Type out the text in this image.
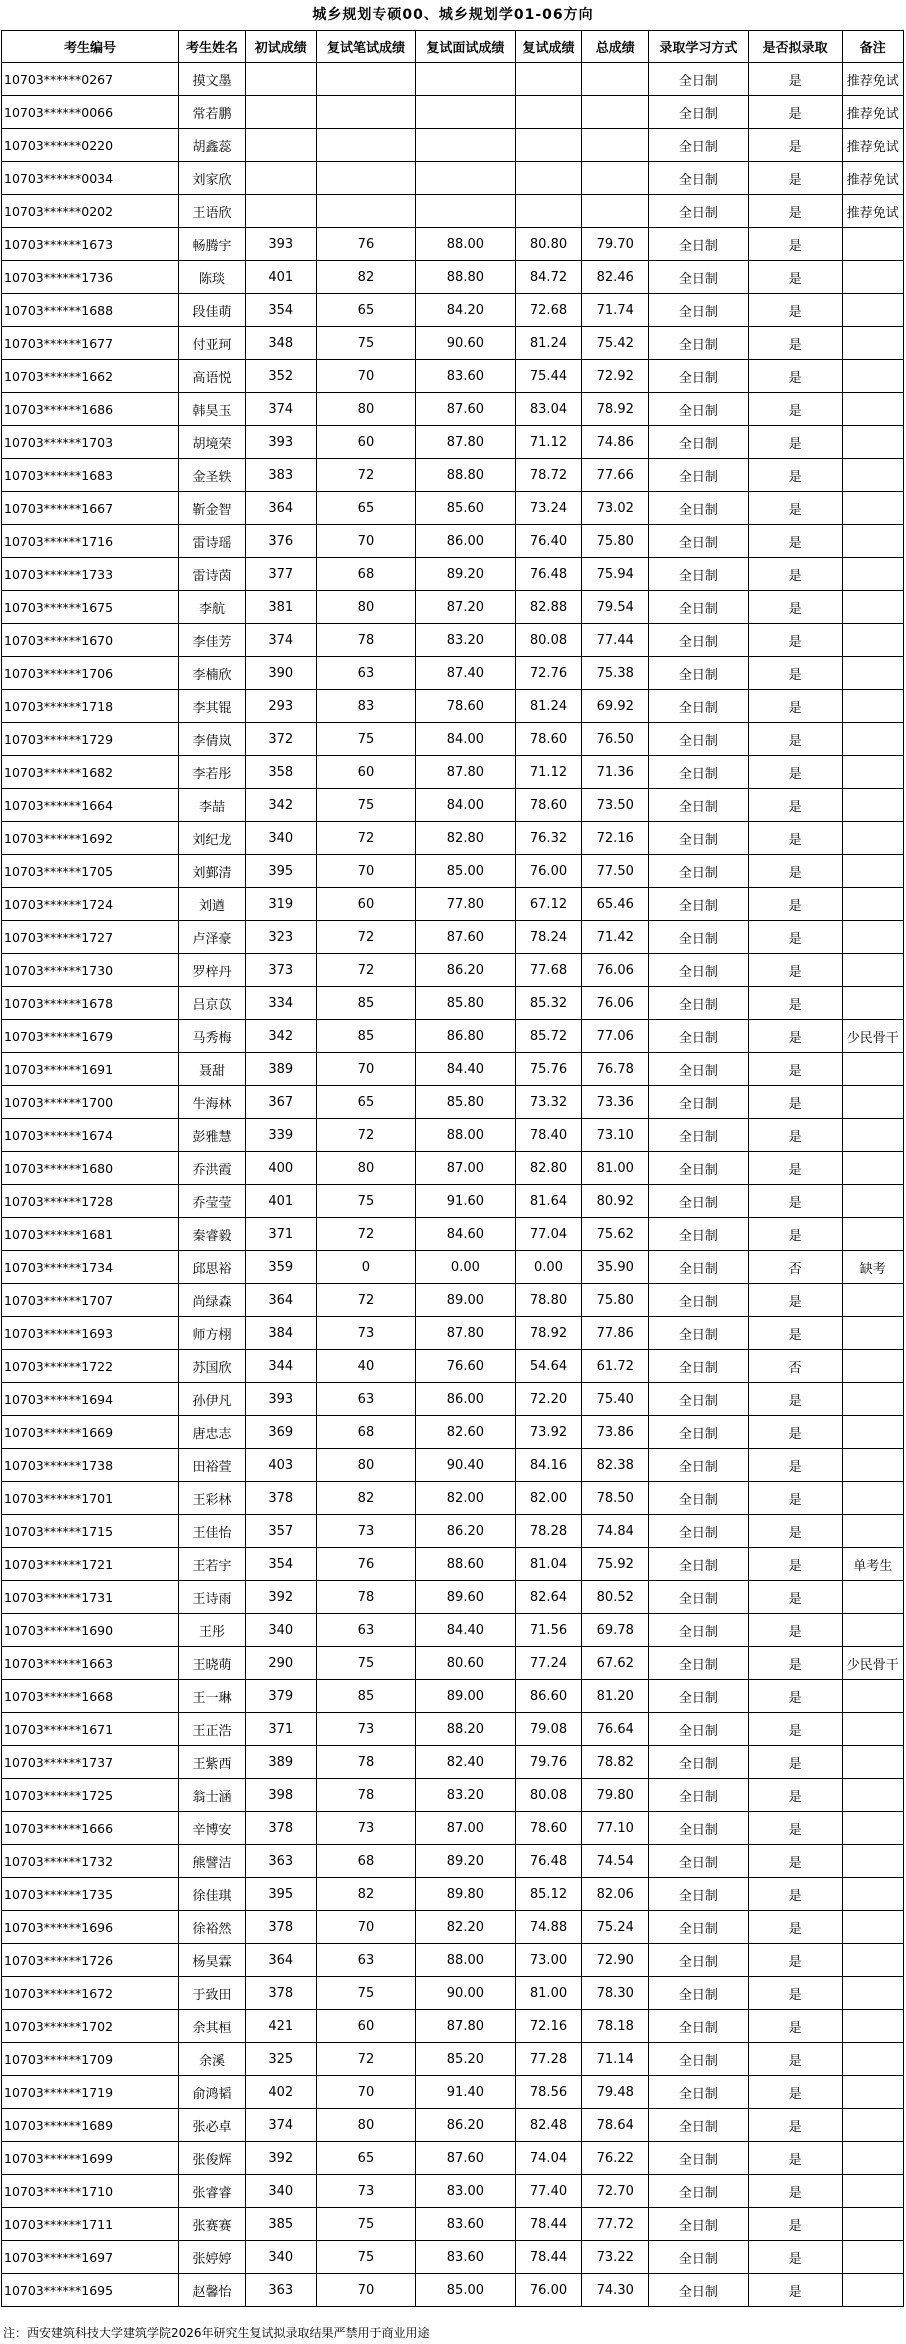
城乡规划专硕00、城乡规划学01-06方向
考生编号	考生姓名	初试成绩	复试笔试成绩	复试面试成绩	复试成绩	总成绩	录取学习方式	是否拟录取	备注
10703******0267	摸文墨						全日制	是	推荐免试
10703******0066	常若鹏						全日制	是	推荐免试
10703******0220	胡鑫蕊						全日制	是	推荐免试
10703******0034	刘家欣						全日制	是	推荐免试
10703******0202	王语欣						全日制	是	推荐免试
10703******1673	畅腾宇	393	76	88.00	80.80	79.70	全日制	是	
10703******1736	陈琰	401	82	88.80	84.72	82.46	全日制	是	
10703******1688	段佳萌	354	65	84.20	72.68	71.74	全日制	是	
10703******1677	付亚珂	348	75	90.60	81.24	75.42	全日制	是	
10703******1662	高语悦	352	70	83.60	75.44	72.92	全日制	是	
10703******1686	韩昊玉	374	80	87.60	83.04	78.92	全日制	是	
10703******1703	胡境荣	393	60	87.80	71.12	74.86	全日制	是	
10703******1683	金圣轶	383	72	88.80	78.72	77.66	全日制	是	
10703******1667	靳金智	364	65	85.60	73.24	73.02	全日制	是	
10703******1716	雷诗瑶	376	70	86.00	76.40	75.80	全日制	是	
10703******1733	雷诗茵	377	68	89.20	76.48	75.94	全日制	是	
10703******1675	李航	381	80	87.20	82.88	79.54	全日制	是	
10703******1670	李佳芳	374	78	83.20	80.08	77.44	全日制	是	
10703******1706	李楠欣	390	63	87.40	72.76	75.38	全日制	是	
10703******1718	李其锟	293	83	78.60	81.24	69.92	全日制	是	
10703******1729	李倩岚	372	75	84.00	78.60	76.50	全日制	是	
10703******1682	李若彤	358	60	87.80	71.12	71.36	全日制	是	
10703******1664	李喆	342	75	84.00	78.60	73.50	全日制	是	
10703******1692	刘纪龙	340	72	82.80	76.32	72.16	全日制	是	
10703******1705	刘鄞清	395	70	85.00	76.00	77.50	全日制	是	
10703******1724	刘遒	319	60	77.80	67.12	65.46	全日制	是	
10703******1727	卢泽豪	323	72	87.60	78.24	71.42	全日制	是	
10703******1730	罗梓丹	373	72	86.20	77.68	76.06	全日制	是	
10703******1678	吕京苡	334	85	85.80	85.32	76.06	全日制	是	
10703******1679	马秀梅	342	85	86.80	85.72	77.06	全日制	是	少民骨干
10703******1691	聂甜	389	70	84.40	75.76	76.78	全日制	是	
10703******1700	牛海林	367	65	85.80	73.32	73.36	全日制	是	
10703******1674	彭雅慧	339	72	88.00	78.40	73.10	全日制	是	
10703******1680	乔洪霞	400	80	87.00	82.80	81.00	全日制	是	
10703******1728	乔莹莹	401	75	91.60	81.64	80.92	全日制	是	
10703******1681	秦睿毅	371	72	84.60	77.04	75.62	全日制	是	
10703******1734	邱思裕	359	0	0.00	0.00	35.90	全日制	否	缺考
10703******1707	尚绿森	364	72	89.00	78.80	75.80	全日制	是	
10703******1693	师方栩	384	73	87.80	78.92	77.86	全日制	是	
10703******1722	苏国欣	344	40	76.60	54.64	61.72	全日制	否	
10703******1694	孙伊凡	393	63	86.00	72.20	75.40	全日制	是	
10703******1669	唐忠志	369	68	82.60	73.92	73.86	全日制	是	
10703******1738	田裕萱	403	80	90.40	84.16	82.38	全日制	是	
10703******1701	王彩林	378	82	82.00	82.00	78.50	全日制	是	
10703******1715	王佳怡	357	73	86.20	78.28	74.84	全日制	是	
10703******1721	王若宇	354	76	88.60	81.04	75.92	全日制	是	单考生
10703******1731	王诗雨	392	78	89.60	82.64	80.52	全日制	是	
10703******1690	王彤	340	63	84.40	71.56	69.78	全日制	是	
10703******1663	王晓萌	290	75	80.60	77.24	67.62	全日制	是	少民骨干
10703******1668	王一琳	379	85	89.00	86.60	81.20	全日制	是	
10703******1671	王正浩	371	73	88.20	79.08	76.64	全日制	是	
10703******1737	王紫西	389	78	82.40	79.76	78.82	全日制	是	
10703******1725	翁士涵	398	78	83.20	80.08	79.80	全日制	是	
10703******1666	辛博安	378	73	87.00	78.60	77.10	全日制	是	
10703******1732	熊譬洁	363	68	89.20	76.48	74.54	全日制	是	
10703******1735	徐佳琪	395	82	89.80	85.12	82.06	全日制	是	
10703******1696	徐裕然	378	70	82.20	74.88	75.24	全日制	是	
10703******1726	杨昊霖	364	63	88.00	73.00	72.90	全日制	是	
10703******1672	于致田	378	75	90.00	81.00	78.30	全日制	是	
10703******1702	余其桓	421	60	87.80	72.16	78.18	全日制	是	
10703******1709	余溪	325	72	85.20	77.28	71.14	全日制	是	
10703******1719	俞鸿韬	402	70	91.40	78.56	79.48	全日制	是	
10703******1689	张必卓	374	80	86.20	82.48	78.64	全日制	是	
10703******1699	张俊辉	392	65	87.60	74.04	76.22	全日制	是	
10703******1710	张睿睿	340	73	83.00	77.40	72.70	全日制	是	
10703******1711	张赛赛	385	75	83.60	78.44	77.72	全日制	是	
10703******1697	张婷婷	340	75	83.60	78.44	73.22	全日制	是	
10703******1695	赵馨怡	363	70	85.00	76.00	74.30	全日制	是	
注：西安建筑科技大学建筑学院2026年研究生复试拟录取结果严禁用于商业用途
